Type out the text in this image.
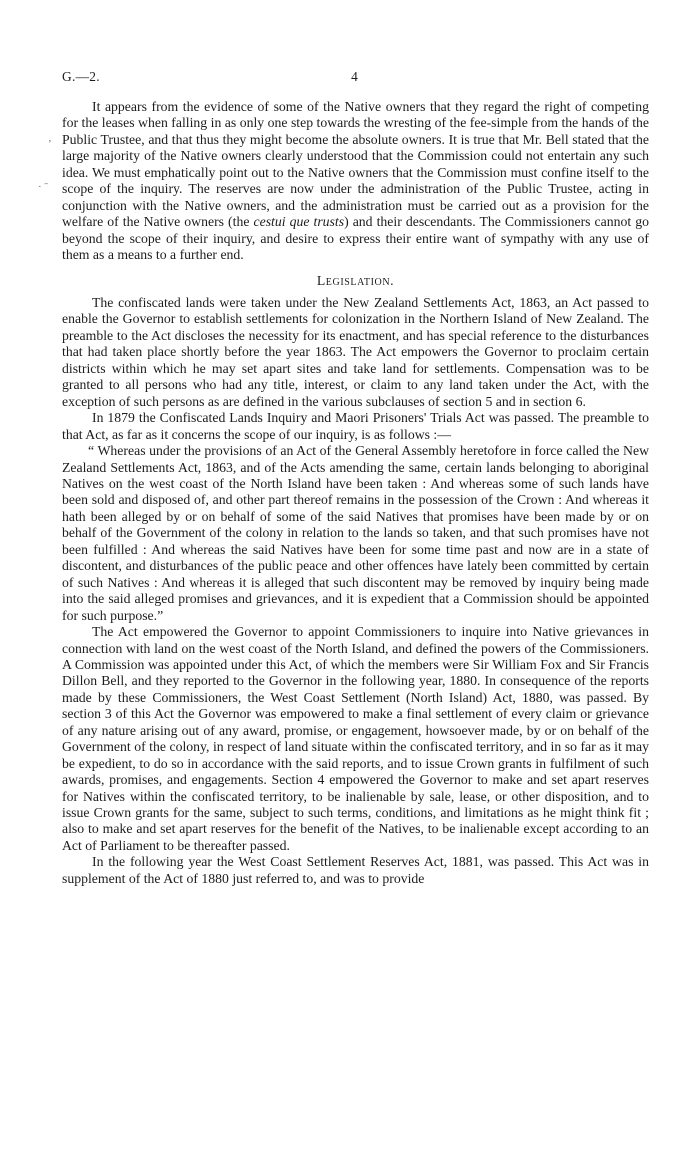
‚
· ˉ
G.—2.	4

It appears from the evidence of some of the Native owners that they regard the right of competing for the leases when falling in as only one step towards the wresting of the fee-simple from the hands of the Public Trustee, and that thus they might become the absolute owners. It is true that Mr. Bell stated that the large majority of the Native owners clearly understood that the Commission could not entertain any such idea. We must emphatically point out to the Native owners that the Commission must confine itself to the scope of the inquiry. The reserves are now under the administration of the Public Trustee, acting in conjunction with the Native owners, and the administration must be carried out as a provision for the welfare of the Native owners (the cestui que trusts) and their descendants. The Commissioners cannot go beyond the scope of their inquiry, and desire to express their entire want of sympathy with any use of them as a means to a further end.

Legislation.

The confiscated lands were taken under the New Zealand Settlements Act, 1863, an Act passed to enable the Governor to establish settlements for colonization in the Northern Island of New Zealand. The preamble to the Act discloses the necessity for its enactment, and has special reference to the disturbances that had taken place shortly before the year 1863. The Act empowers the Governor to proclaim certain districts within which he may set apart sites and take land for settlements. Compensation was to be granted to all persons who had any title, interest, or claim to any land taken under the Act, with the exception of such persons as are defined in the various subclauses of section 5 and in section 6.

In 1879 the Confiscated Lands Inquiry and Maori Prisoners' Trials Act was passed. The preamble to that Act, as far as it concerns the scope of our inquiry, is as follows :—

“ Whereas under the provisions of an Act of the General Assembly heretofore in force called the New Zealand Settlements Act, 1863, and of the Acts amending the same, certain lands belonging to aboriginal Natives on the west coast of the North Island have been taken : And whereas some of such lands have been sold and disposed of, and other part thereof remains in the possession of the Crown : And whereas it hath been alleged by or on behalf of some of the said Natives that promises have been made by or on behalf of the Government of the colony in relation to the lands so taken, and that such promises have not been fulfilled : And whereas the said Natives have been for some time past and now are in a state of discontent, and disturbances of the public peace and other offences have lately been committed by certain of such Natives : And whereas it is alleged that such discontent may be removed by inquiry being made into the said alleged promises and grievances, and it is expedient that a Commission should be appointed for such purpose.”

The Act empowered the Governor to appoint Commissioners to inquire into Native grievances in connection with land on the west coast of the North Island, and defined the powers of the Commissioners. A Commission was appointed under this Act, of which the members were Sir William Fox and Sir Francis Dillon Bell, and they reported to the Governor in the following year, 1880. In consequence of the reports made by these Commissioners, the West Coast Settlement (North Island) Act, 1880, was passed. By section 3 of this Act the Governor was empowered to make a final settlement of every claim or grievance of any nature arising out of any award, promise, or engagement, howsoever made, by or on behalf of the Government of the colony, in respect of land situate within the confiscated territory, and in so far as it may be expedient, to do so in accordance with the said reports, and to issue Crown grants in fulfilment of such awards, promises, and engagements. Section 4 empowered the Governor to make and set apart reserves for Natives within the confiscated territory, to be inalienable by sale, lease, or other disposition, and to issue Crown grants for the same, subject to such terms, conditions, and limitations as he might think fit ; also to make and set apart reserves for the benefit of the Natives, to be inalienable except according to an Act of Parliament to be thereafter passed.

In the following year the West Coast Settlement Reserves Act, 1881, was passed. This Act was in supplement of the Act of 1880 just referred to, and was to provide
